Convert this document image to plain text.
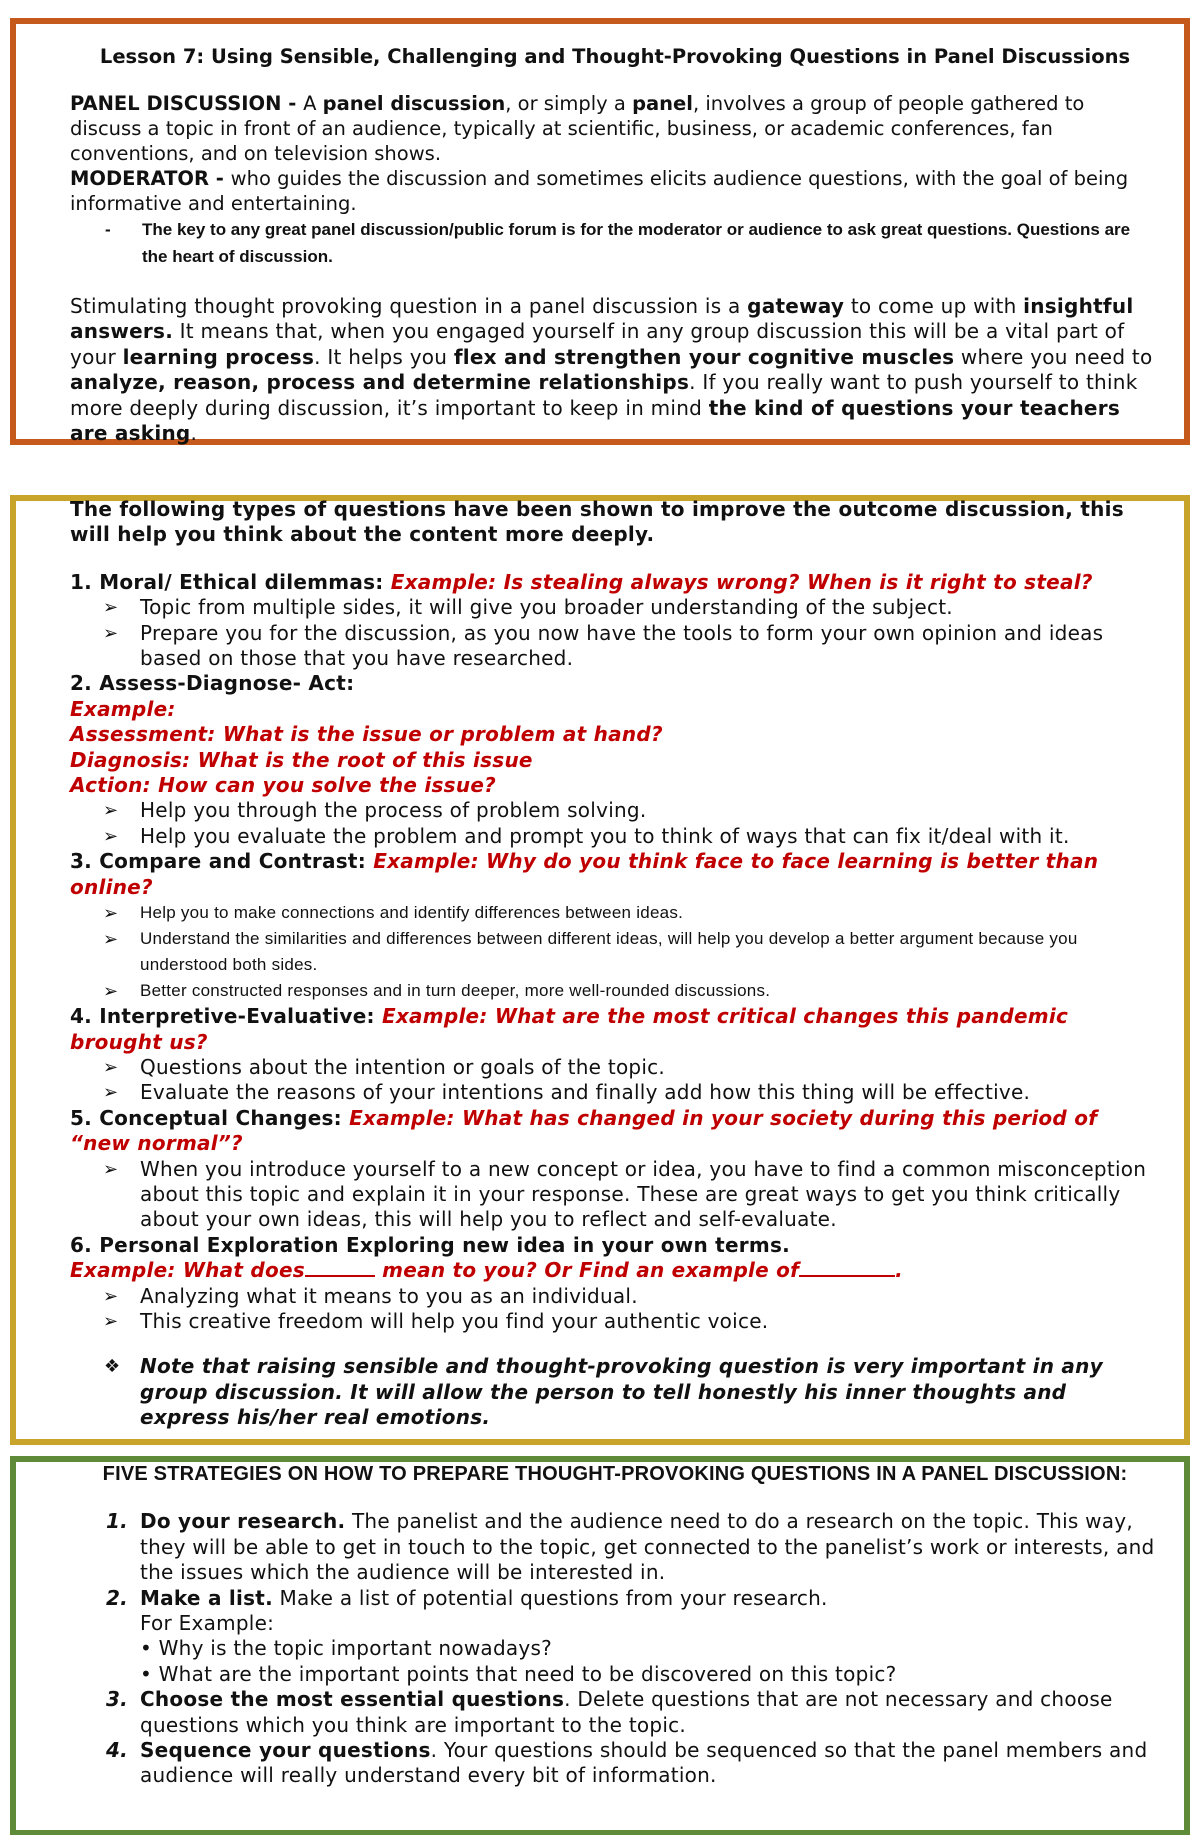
Lesson 7: Using Sensible, Challenging and Thought-Provoking Questions in Panel Discussions

PANEL DISCUSSION - A panel discussion, or simply a panel, involves a group of people gathered to discuss a topic in front of an audience, typically at scientific, business, or academic conferences, fan conventions, and on television shows.

MODERATOR - who guides the discussion and sometimes elicits audience questions, with the goal of being informative and entertaining.

- The key to any great panel discussion/public forum is for the moderator or audience to ask great questions. Questions are the heart of discussion.

Stimulating thought provoking question in a panel discussion is a gateway to come up with insightful answers. It means that, when you engaged yourself in any group discussion this will be a vital part of your learning process. It helps you flex and strengthen your cognitive muscles where you need to analyze, reason, process and determine relationships. If you really want to push yourself to think more deeply during discussion, it’s important to keep in mind the kind of questions your teachers are asking.

The following types of questions have been shown to improve the outcome discussion, this will help you think about the content more deeply.

1. Moral/ Ethical dilemmas: Example: Is stealing always wrong? When is it right to steal?

➢ Topic from multiple sides, it will give you broader understanding of the subject.
➢ Prepare you for the discussion, as you now have the tools to form your own opinion and ideas based on those that you have researched.

2. Assess-Diagnose- Act:

Example:

Assessment: What is the issue or problem at hand?

Diagnosis: What is the root of this issue

Action: How can you solve the issue?

➢ Help you through the process of problem solving.
➢ Help you evaluate the problem and prompt you to think of ways that can fix it/deal with it.

3. Compare and Contrast: Example: Why do you think face to face learning is better than online?

➢ Help you to make connections and identify differences between ideas.
➢ Understand the similarities and differences between different ideas, will help you develop a better argument because you understood both sides.
➢ Better constructed responses and in turn deeper, more well-rounded discussions.

4. Interpretive-Evaluative: Example: What are the most critical changes this pandemic brought us?

➢ Questions about the intention or goals of the topic.
➢ Evaluate the reasons of your intentions and finally add how this thing will be effective.

5. Conceptual Changes: Example: What has changed in your society during this period of “new normal”?

➢ When you introduce yourself to a new concept or idea, you have to find a common misconception about this topic and explain it in your response. These are great ways to get you think critically about your own ideas, this will help you to reflect and self-evaluate.

6. Personal Exploration Exploring new idea in your own terms.

Example: What does	mean to you? Or Find an example of	.

➢ Analyzing what it means to you as an individual.
➢ This creative freedom will help you find your authentic voice.
❖ Note that raising sensible and thought-provoking question is very important in any group discussion. It will allow the person to tell honestly his inner thoughts and express his/her real emotions.

FIVE STRATEGIES ON HOW TO PREPARE THOUGHT-PROVOKING QUESTIONS IN A PANEL DISCUSSION:

1. Do your research. The panelist and the audience need to do a research on the topic. This way, they will be able to get in touch to the topic, get connected to the panelist’s work or interests, and the issues which the audience will be interested in.
2. Make a list. Make a list of potential questions from your research.
For Example:
• Why is the topic important nowadays?
• What are the important points that need to be discovered on this topic?
3. Choose the most essential questions. Delete questions that are not necessary and choose questions which you think are important to the topic.
4. Sequence your questions. Your questions should be sequenced so that the panel members and audience will really understand every bit of information.
